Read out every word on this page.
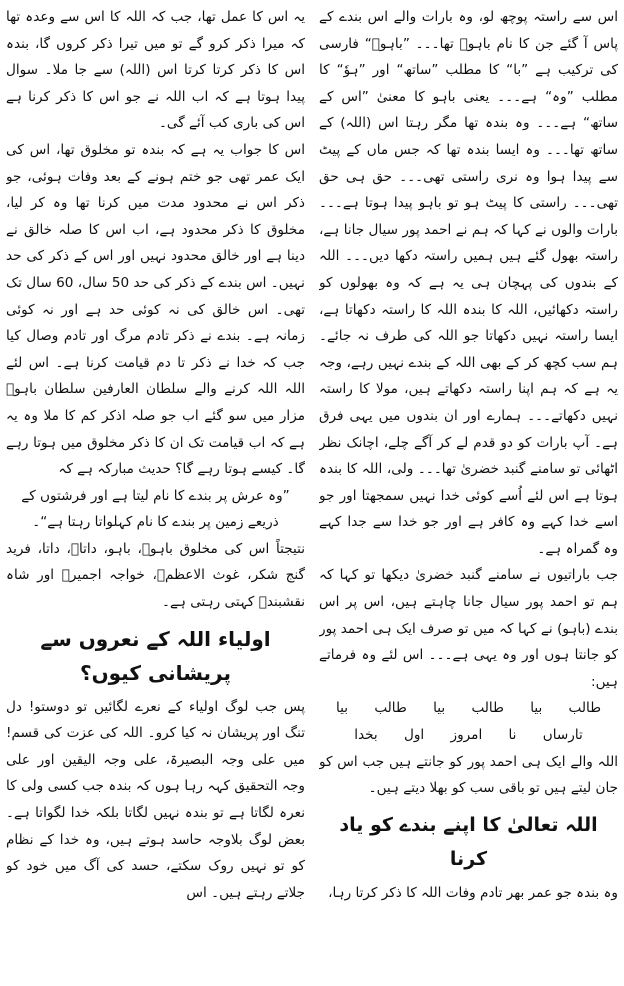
یہ اس کا عمل تھا، جب کہ اللہ کا اس سے وعدہ تھا کہ میرا ذکر کرو گے تو میں تیرا ذکر کروں گا، بندہ اس کا ذکر کرتا کرتا اس (اللہ) سے جا ملا۔ سوال پیدا ہوتا ہے کہ اب اللہ نے جو اس کا ذکر کرنا ہے اس کی باری کب آئے گی۔

اس کا جواب یہ ہے کہ بندہ تو مخلوق تھا، اس کی ایک عمر تھی جو ختم ہونے کے بعد وفات ہوئی، جو ذکر اس نے محدود مدت میں کرنا تھا وہ کر لیا، مخلوق کا ذکر محدود ہے، اب اس کا صلہ خالق نے دینا ہے اور خالق محدود نہیں اور اس کے ذکر کی حد نہیں۔ اس بندے کے ذکر کی حد 50 سال، 60 سال تک تھی۔ اس خالق کی نہ کوئی حد ہے اور نہ کوئی زمانہ ہے۔ بندے نے ذکر تادم مرگ اور تادم وصال کیا جب کہ خدا نے ذکر تا دم قیامت کرنا ہے۔ اس لئے اللہ اللہ کرنے والے سلطان العارفین سلطان باہوؒ مزار میں سو گئے اب جو صلہ اذکر کم کا ملا وہ یہ ہے کہ اب قیامت تک ان کا ذکر مخلوق میں ہوتا رہے گا۔ کیسے ہوتا رہے گا؟ حدیث مبارکہ ہے کہ

”وہ عرش پر بندے کا نام لیتا ہے اور فرشتوں کے ذریعے زمین پر بندے کا نام کہلواتا رہتا ہے“۔

نتیجتاً اس کی مخلوق باہوؒ، باہو، داتاؒ، داتا، فرید گنج شکر، غوث الاعظمؒ، خواجہ اجمیرؒ اور شاہ نقشبندؒ کہتی رہتی ہے۔

اولیاء اللہ کے نعروں سے پریشانی کیوں؟

پس جب لوگ اولیاء کے نعرے لگائیں تو دوستو! دل تنگ اور پریشان نہ کیا کرو۔ اللہ کی عزت کی قسم! میں علی وجہ البصیرۃ، علی وجہ الیقین اور علی وجہ التحقیق کہہ رہا ہوں کہ بندہ جب کسی ولی کا نعرہ لگاتا ہے تو بندہ نہیں لگاتا بلکہ خدا لگواتا ہے۔ بعض لوگ بلاوجہ حاسد ہوتے ہیں، وہ خدا کے نظام کو تو نہیں روک سکتے، حسد کی آگ میں خود کو جلاتے رہتے ہیں۔ اس

اس سے راستہ پوچھ لو، وہ بارات والے اس بندے کے پاس آ گئے جن کا نام باہوؒ تھا۔۔۔ ”باہوؒ“ فارسی کی ترکیب ہے ”با“ کا مطلب ”ساتھ“ اور ”ہوٗ“ کا مطلب ”وہ“ ہے۔۔۔ یعنی باہو کا معنیٰ ”اس کے ساتھ“ ہے۔۔۔ وہ بندہ تھا مگر رہتا اس (اللہ) کے ساتھ تھا۔۔۔ وہ ایسا بندہ تھا کہ جس ماں کے پیٹ سے پیدا ہوا وہ نری راستی تھی۔۔۔ حق ہی حق تھی۔۔۔ راستی کا پیٹ ہو تو باہو پیدا ہوتا ہے۔۔۔ بارات والوں نے کہا کہ ہم نے احمد پور سیال جانا ہے، راستہ بھول گئے ہیں ہمیں راستہ دکھا دیں۔۔۔ اللہ کے بندوں کی پہچان ہی یہ ہے کہ وہ بھولوں کو راستہ دکھائیں، اللہ کا بندہ اللہ کا راستہ دکھاتا ہے، ایسا راستہ نہیں دکھاتا جو اللہ کی طرف نہ جائے۔ ہم سب کچھ کر کے بھی اللہ کے بندے نہیں رہے، وجہ یہ ہے کہ ہم اپنا راستہ دکھاتے ہیں، مولا کا راستہ نہیں دکھاتے۔۔۔ ہمارے اور ان بندوں میں یہی فرق ہے۔ آپ بارات کو دو قدم لے کر آگے چلے، اچانک نظر اٹھائی تو سامنے گنبد خضریٰ تھا۔۔۔ ولی، اللہ کا بندہ ہوتا ہے اس لئے اُسے کوئی خدا نہیں سمجھتا اور جو اسے خدا کہے وہ کافر ہے اور جو خدا سے جدا کہے وہ گمراہ ہے۔

جب باراتیوں نے سامنے گنبد خضریٰ دیکھا تو کہا کہ ہم تو احمد پور سیال جانا چاہتے ہیں، اس پر اس بندے (باہو) نے کہا کہ میں تو صرف ایک ہی احمد پور کو جانتا ہوں اور وہ یہی ہے۔۔۔ اس لئے وہ فرماتے ہیں:

طالب بیا طالب بیا طالب بیا

تارساں نا امروز اول بخدا

اللہ والے ایک ہی احمد پور کو جانتے ہیں جب اس کو جان لیتے ہیں تو باقی سب کو بھلا دیتے ہیں۔

اللہ تعالیٰ کا اپنے بندے کو یاد کرنا

وہ بندہ جو عمر بھر تادم وفات اللہ کا ذکر کرتا رہا،
